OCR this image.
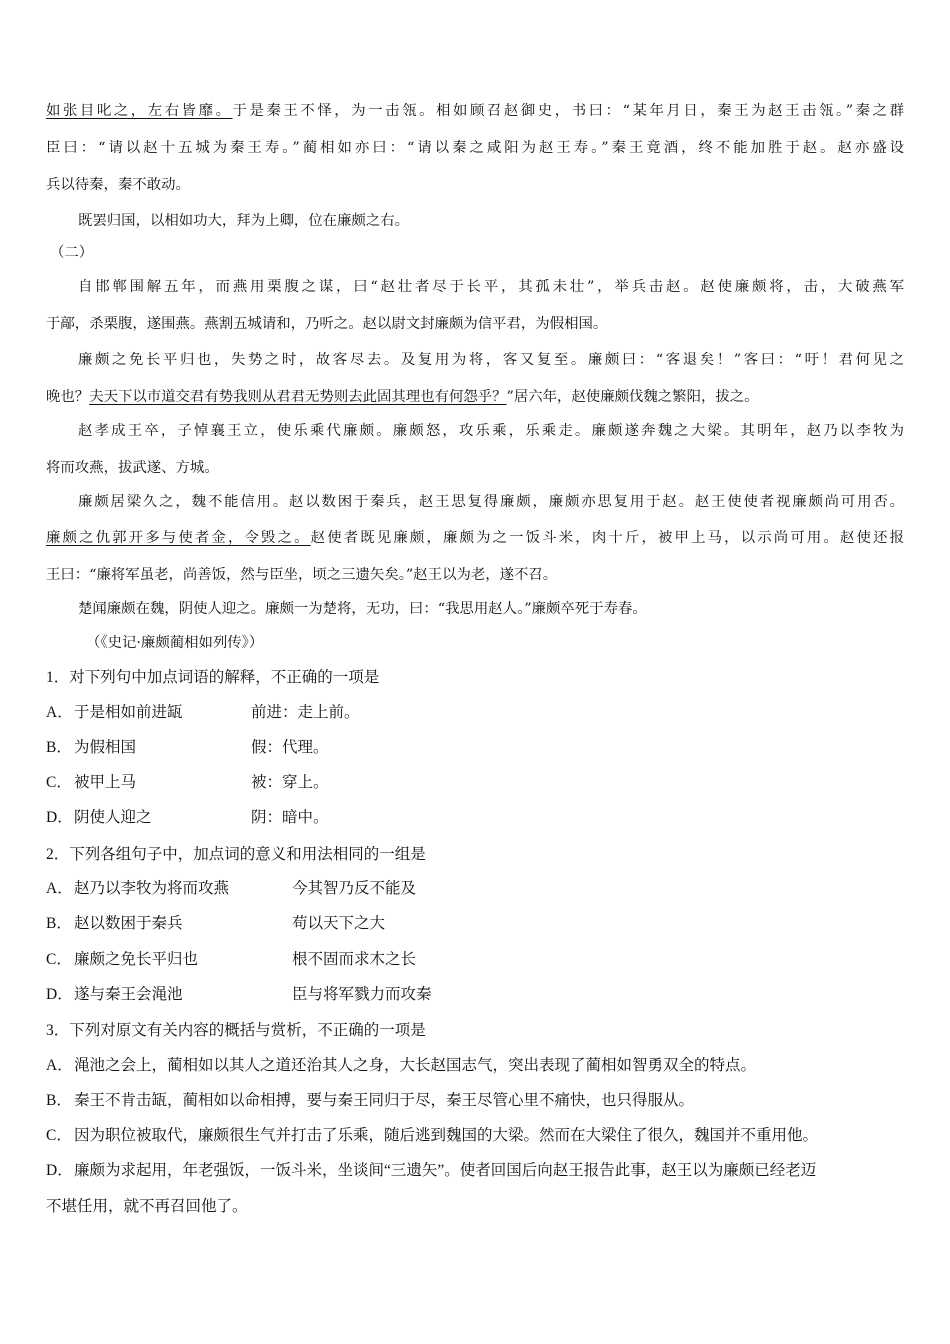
如张目叱之，左右皆靡。于是秦王不怿，为一击瓴。相如顾召赵御史，书曰：“某年月日，秦王为赵王击瓴。”秦之群
臣曰：“请以赵十五城为秦王寿。”蔺相如亦曰：“请以秦之咸阳为赵王寿。”秦王竟酒，终不能加胜于赵。赵亦盛设
兵以待秦，秦不敢动。
既罢归国，以相如功大，拜为上卿，位在廉颇之右。
（二）
自邯郸围解五年，而燕用栗腹之谋，曰“赵壮者尽于长平，其孤未壮”，举兵击赵。赵使廉颇将，击，大破燕军
于鄗，杀栗腹，遂围燕。燕割五城请和，乃听之。赵以尉文封廉颇为信平君，为假相国。
廉颇之免长平归也，失势之时，故客尽去。及复用为将，客又复至。廉颇曰：“客退矣！”客曰：“吁！君何见之
晚也？夫天下以市道交君有势我则从君君无势则去此固其理也有何怨乎？”居六年，赵使廉颇伐魏之繁阳，拔之。
赵孝成王卒，子悼襄王立，使乐乘代廉颇。廉颇怒，攻乐乘，乐乘走。廉颇遂奔魏之大梁。其明年，赵乃以李牧为
将而攻燕，拔武遂、方城。
廉颇居梁久之，魏不能信用。赵以数困于秦兵，赵王思复得廉颇，廉颇亦思复用于赵。赵王使使者视廉颇尚可用否。
廉颇之仇郭开多与使者金，令毁之。赵使者既见廉颇，廉颇为之一饭斗米，肉十斤，被甲上马，以示尚可用。赵使还报
王曰：“廉将军虽老，尚善饭，然与臣坐，顷之三遗矢矣。”赵王以为老，遂不召。
楚闻廉颇在魏，阴使人迎之。廉颇一为楚将，无功，曰：“我思用赵人。”廉颇卒死于寿春。
（《史记·廉颇蔺相如列传》）
1．对下列句中加点词语的解释，不正确的一项是
A．于是相如前进缻	前进：走上前。
B． 为假相国	假：代理。
C． 被甲上马	被：穿上。
D．阴使人迎之	阴：暗中。
2．下列各组句子中，加点词的意义和用法相同的一组是
A．赵乃以李牧为将而攻燕	今其智乃反不能及
B． 赵以数困于秦兵	苟以天下之大
C． 廉颇之免长平归也	根不固而求木之长
D．遂与秦王会渑池	臣与将军戮力而攻秦
3．下列对原文有关内容的概括与赏析，不正确的一项是
A．渑池之会上，蔺相如以其人之道还治其人之身，大长赵国志气，突出表现了蔺相如智勇双全的特点。
B． 秦王不肯击缻，蔺相如以命相搏，要与秦王同归于尽，秦王尽管心里不痛快，也只得服从。
C． 因为职位被取代，廉颇很生气并打击了乐乘，随后逃到魏国的大梁。然而在大梁住了很久，魏国并不重用他。
D．廉颇为求起用，年老强饭，一饭斗米，坐谈间“三遗矢”。使者回国后向赵王报告此事，赵王以为廉颇已经老迈
不堪任用，就不再召回他了。
